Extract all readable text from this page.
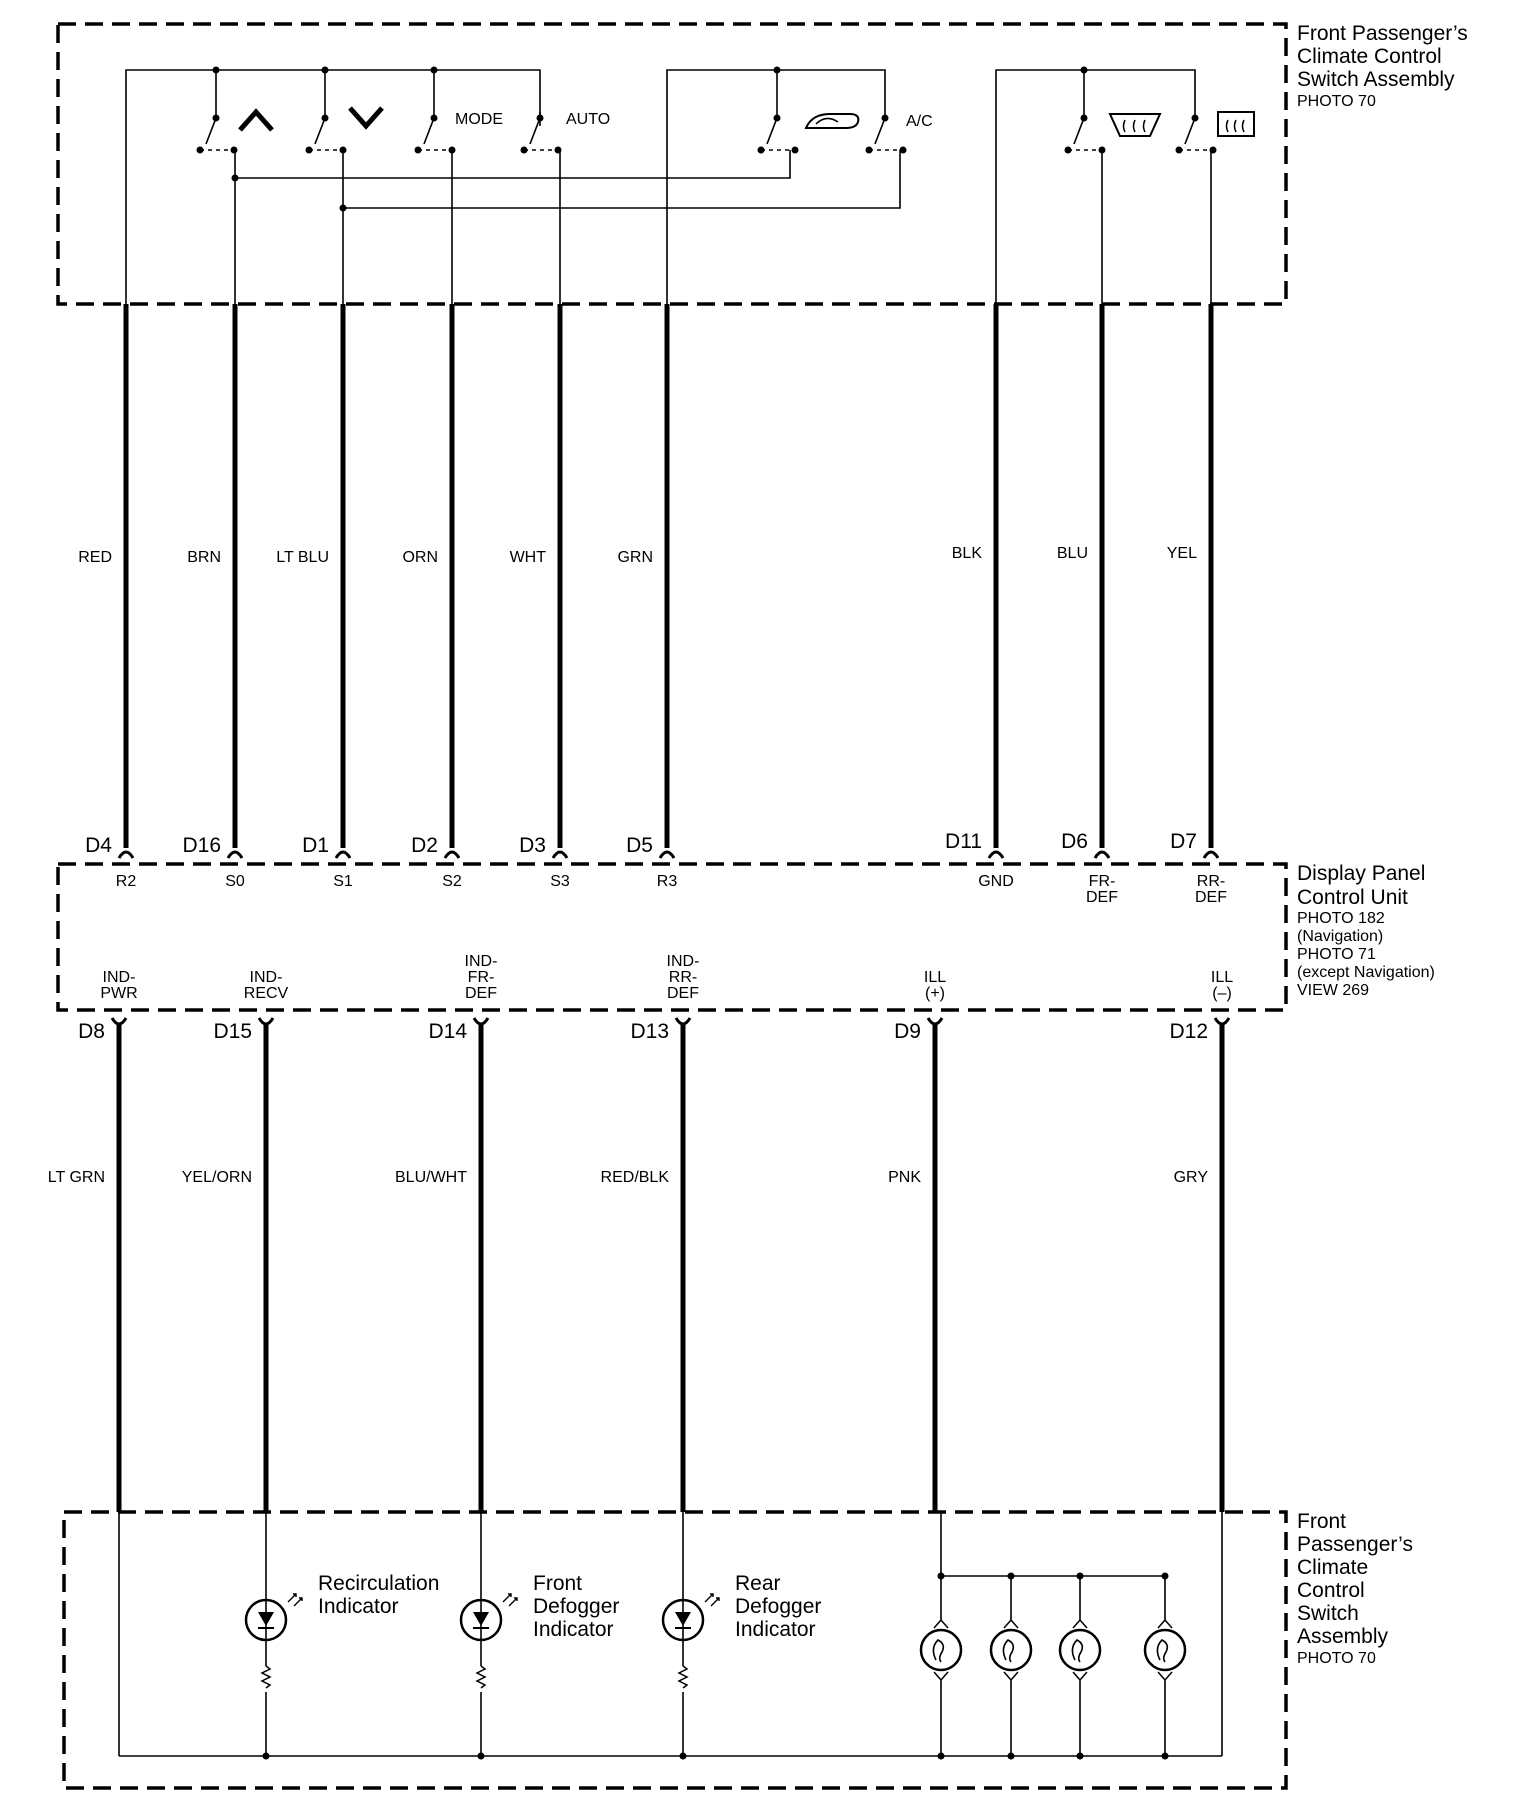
Front Passenger’s
Climate Control
Switch Assembly
PHOTO 70
Display Panel
Control Unit
PHOTO 182
(Navigation)
PHOTO 71
(except Navigation)
VIEW 269
Front
Passenger’s
Climate
Control
Switch
Assembly
PHOTO 70
MODE	AUTO	A/C
RED
D4
R2
BRN
D16
S0
LT BLU
D1
S1
ORN
D2
S2
WHT
D3
S3
GRN
D5
R3
BLK
D11
GND
BLU
D6
FR-
DEF
YEL
D7
RR-
DEF
LT GRN
D8
IND-
PWR
YEL/ORN
D15
IND-
RECV
BLU/WHT
D14
IND-
FR-
DEF
RED/BLK
D13
IND-
RR-
DEF
PNK
D9
ILL
(+)
GRY
D12
ILL
(–)
Recirculation
Indicator
Front
Defogger
Indicator
Rear
Defogger
Indicator
